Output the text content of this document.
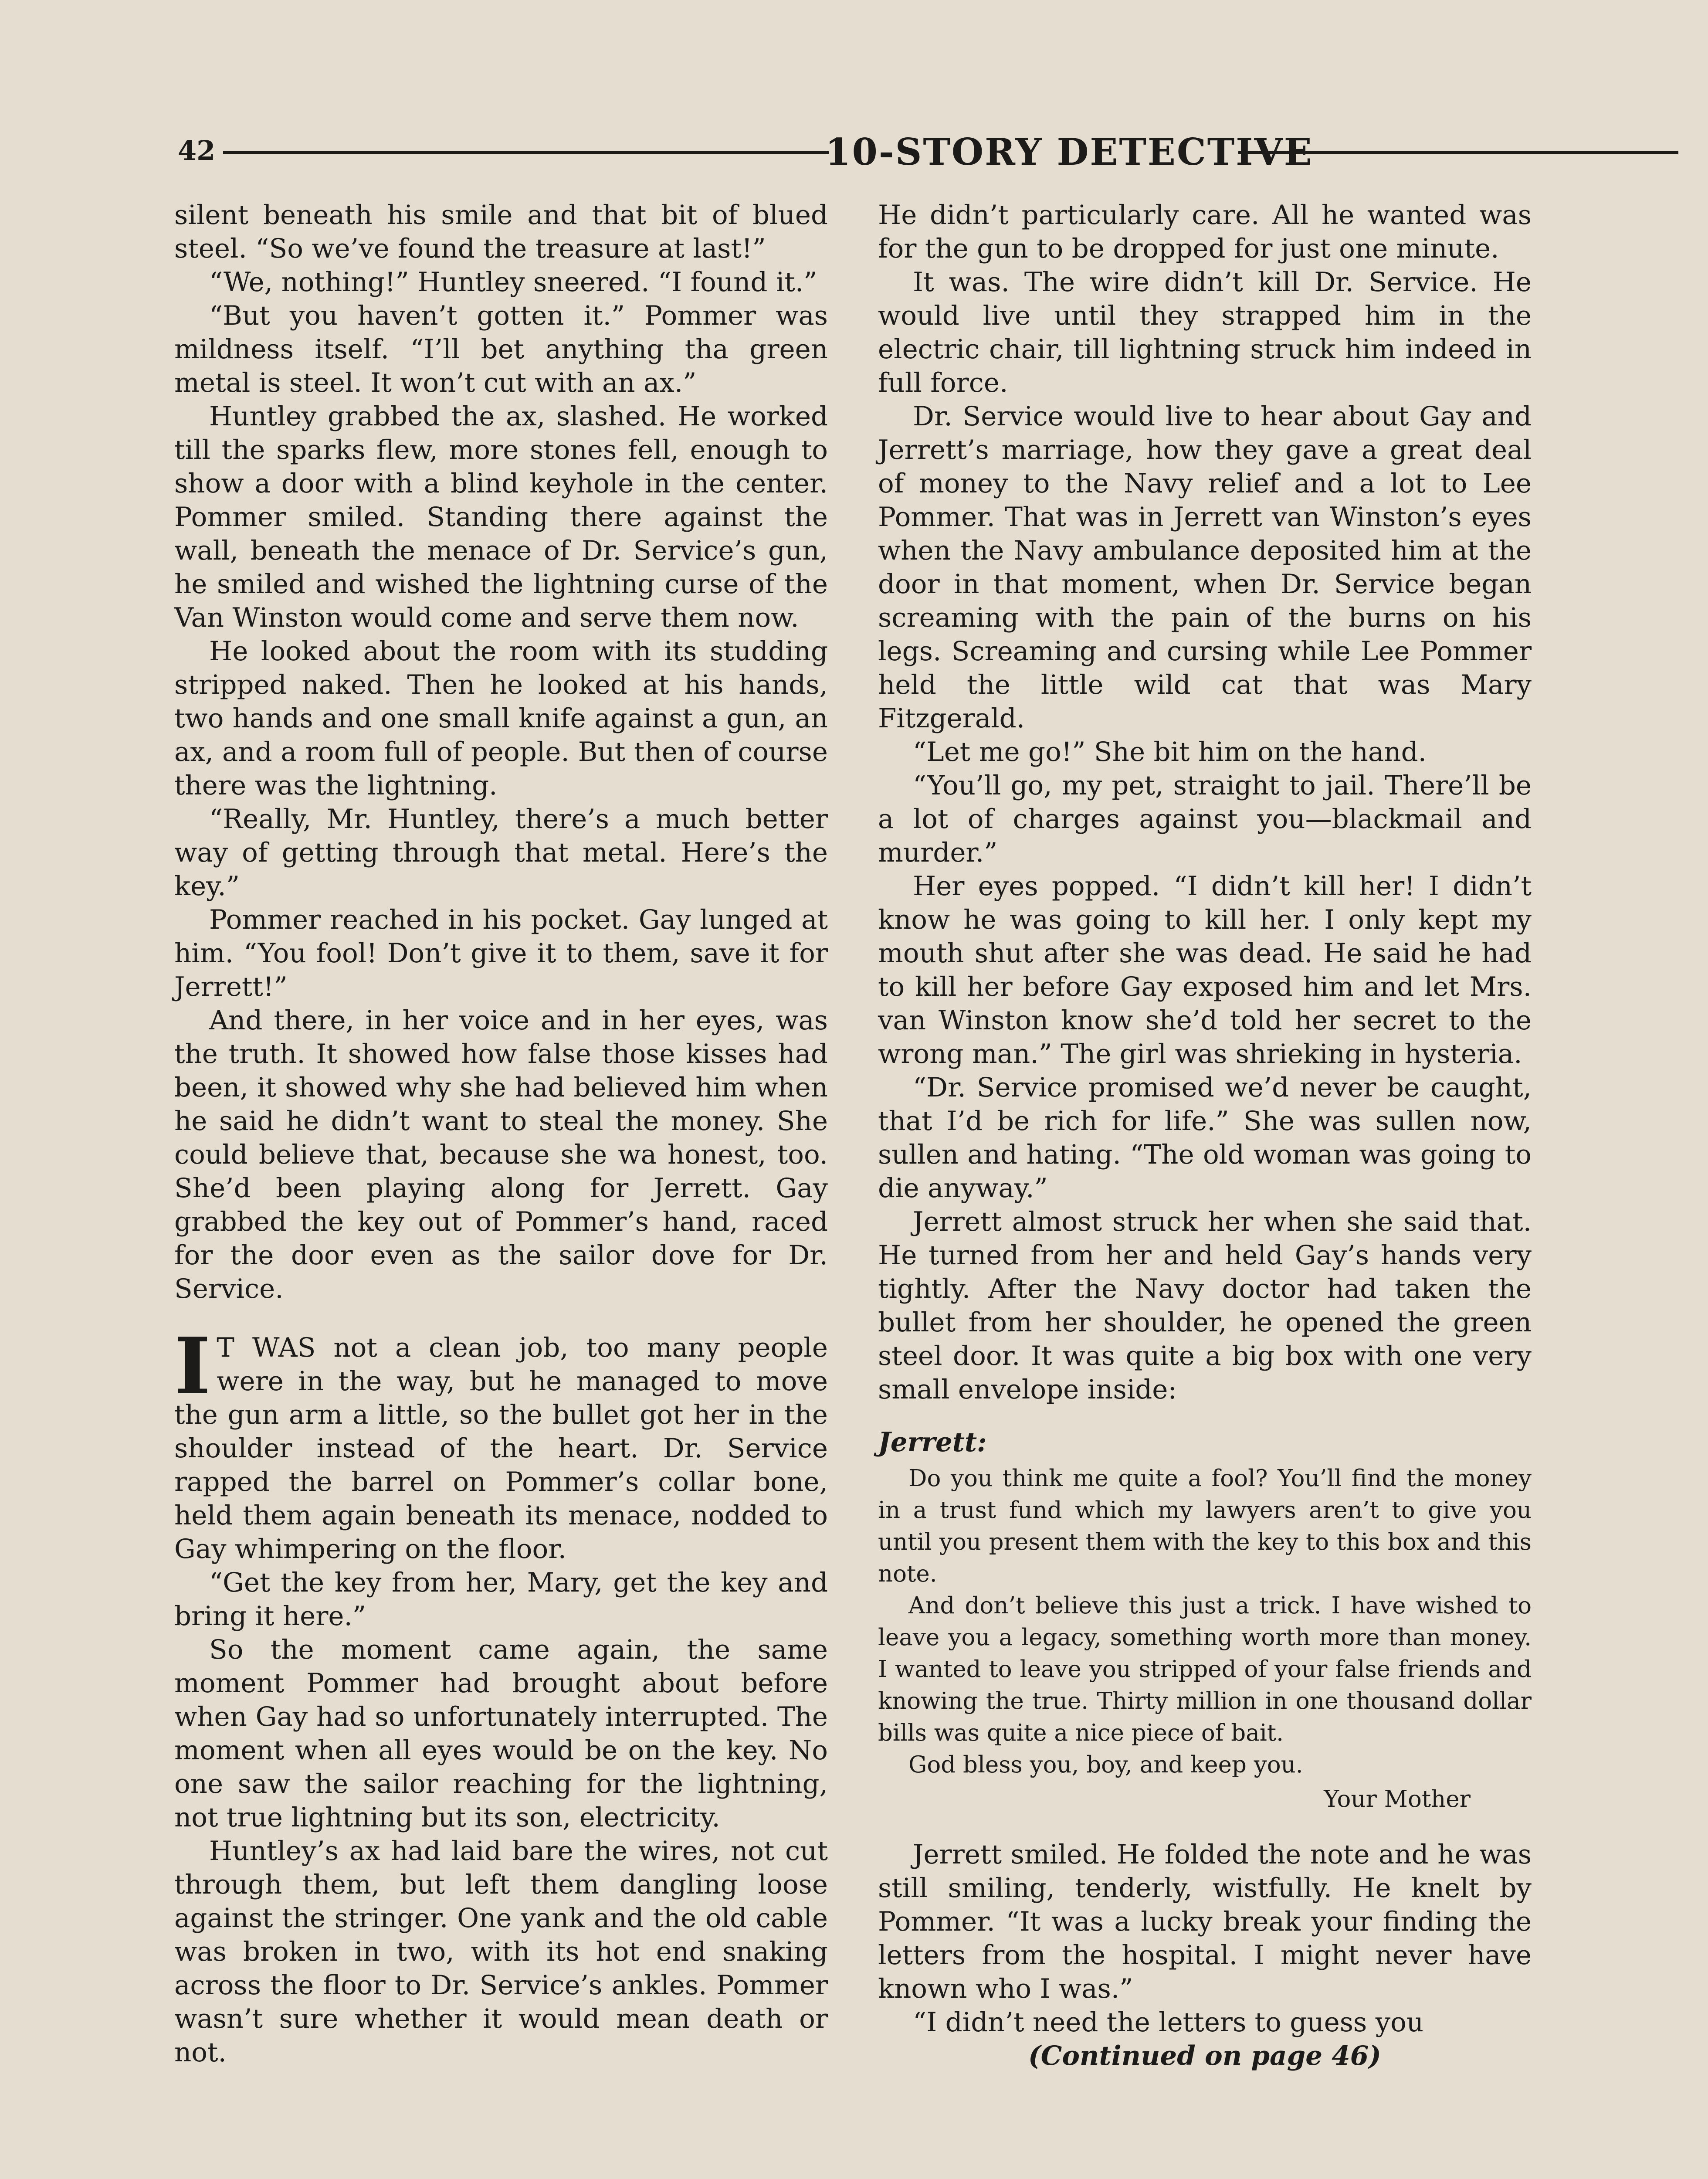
42	10-STORY DETECTIVE

silent beneath his smile and that bit of blued steel. “So we’ve found the treasure at last!”

“We, nothing!” Huntley sneered. “I found it.”

“But you haven’t gotten it.” Pommer was mildness itself. “I’ll bet anything tha green metal is steel. It won’t cut with an ax.”

Huntley grabbed the ax, slashed. He worked till the sparks flew, more stones fell, enough to show a door with a blind keyhole in the center. Pommer smiled. Standing there against the wall, beneath the menace of Dr. Service’s gun, he smiled and wished the lightning curse of the Van Winston would come and serve them now.

He looked about the room with its studding stripped naked. Then he looked at his hands, two hands and one small knife against a gun, an ax, and a room full of people. But then of course there was the lightning.

“Really, Mr. Huntley, there’s a much better way of getting through that metal. Here’s the key.”

Pommer reached in his pocket. Gay lunged at him. “You fool! Don’t give it to them, save it for Jerrett!”

And there, in her voice and in her eyes, was the truth. It showed how false those kisses had been, it showed why she had believed him when he said he didn’t want to steal the money. She could believe that, because she wa honest, too. She’d been playing along for Jerrett. Gay grabbed the key out of Pommer’s hand, raced for the door even as the sailor dove for Dr. Service.

I T WAS not a clean job, too many people were in the way, but he managed to move the gun arm a little, so the bullet got her in the shoulder instead of the heart. Dr. Service rapped the barrel on Pommer’s collar bone, held them again beneath its menace, nodded to Gay whimpering on the floor.

“Get the key from her, Mary, get the key and bring it here.”

So the moment came again, the same moment Pommer had brought about before when Gay had so unfortunately interrupted. The moment when all eyes would be on the key. No one saw the sailor reaching for the lightning, not true lightning but its son, electricity.

Huntley’s ax had laid bare the wires, not cut through them, but left them dangling loose against the stringer. One yank and the old cable was broken in two, with its hot end snaking across the floor to Dr. Service’s ankles. Pommer wasn’t sure whether it would mean death or not.

He didn’t particularly care. All he wanted was for the gun to be dropped for just one minute.

It was. The wire didn’t kill Dr. Service. He would live until they strapped him in the electric chair, till lightning struck him indeed in full force.

Dr. Service would live to hear about Gay and Jerrett’s marriage, how they gave a great deal of money to the Navy relief and a lot to Lee Pommer. That was in Jerrett van Winston’s eyes when the Navy ambulance deposited him at the door in that moment, when Dr. Service began screaming with the pain of the burns on his legs. Screaming and cursing while Lee Pommer held the little wild cat that was Mary Fitzgerald.

“Let me go!” She bit him on the hand.

“You’ll go, my pet, straight to jail. There’ll be a lot of charges against you—blackmail and murder.”

Her eyes popped. “I didn’t kill her! I didn’t know he was going to kill her. I only kept my mouth shut after she was dead. He said he had to kill her before Gay exposed him and let Mrs. van Winston know she’d told her secret to the wrong man.” The girl was shrieking in hysteria.

“Dr. Service promised we’d never be caught, that I’d be rich for life.” She was sullen now, sullen and hating. “The old woman was going to die anyway.”

Jerrett almost struck her when she said that. He turned from her and held Gay’s hands very tightly. After the Navy doctor had taken the bullet from her shoulder, he opened the green steel door. It was quite a big box with one very small envelope inside:

Jerrett:

Do you think me quite a fool? You’ll find the money in a trust fund which my lawyers aren’t to give you until you present them with the key to this box and this note.

And don’t believe this just a trick. I have wished to leave you a legacy, something worth more than money. I wanted to leave you stripped of your false friends and knowing the true. Thirty million in one thousand dollar bills was quite a nice piece of bait.

God bless you, boy, and keep you.

Your Mother

Jerrett smiled. He folded the note and he was still smiling, tenderly, wistfully. He knelt by Pommer. “It was a lucky break your finding the letters from the hospital. I might never have known who I was.”

“I didn’t need the letters to guess you

(Continued on page 46)
